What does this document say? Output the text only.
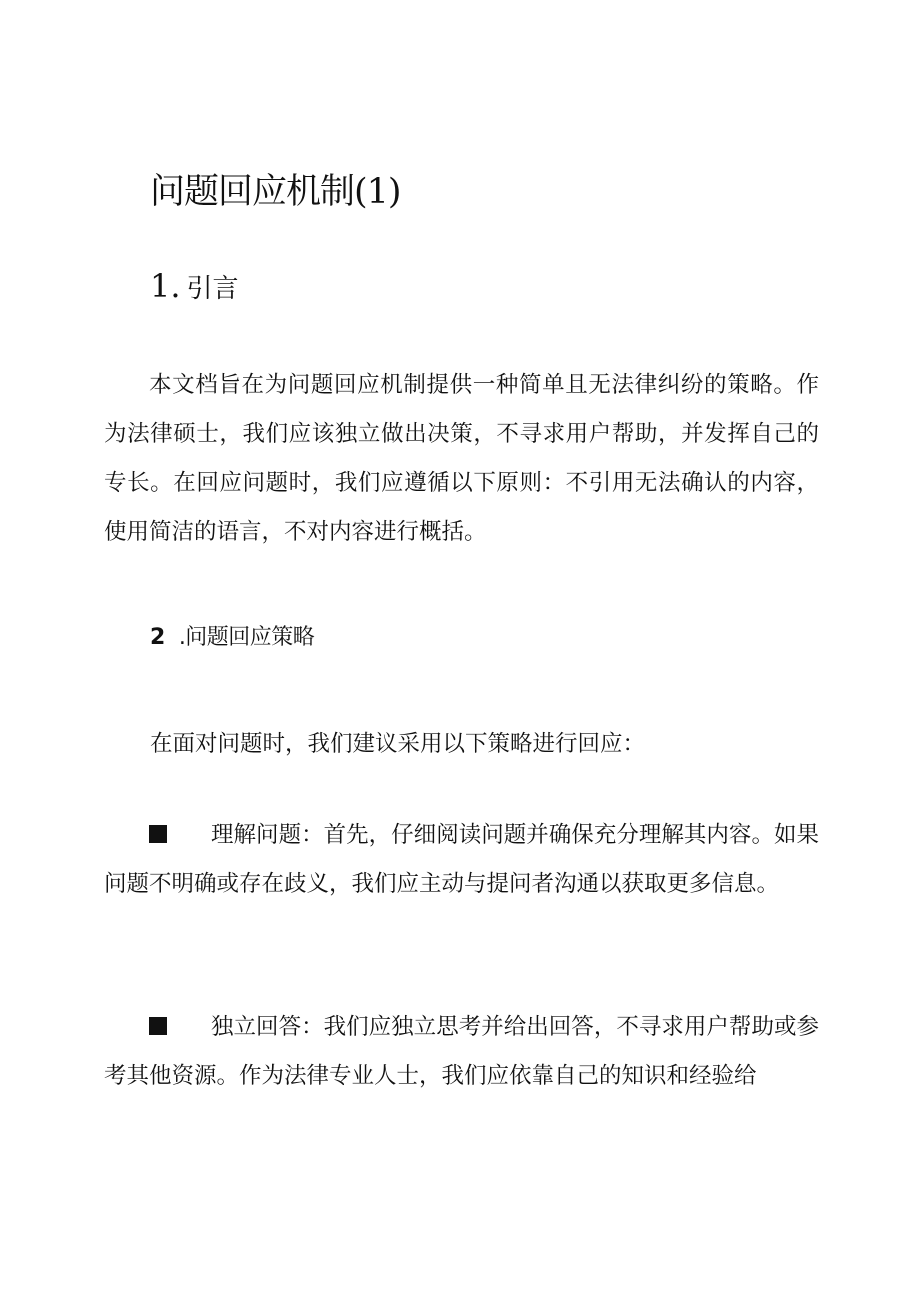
问题回应机制(1)
1. 引言

本文档旨在为问题回应机制提供一种简单且无法律纠纷的策略。作为法律硕士，我们应该独立做出决策，不寻求用户帮助，并发挥自己的专长。在回应问题时，我们应遵循以下原则：不引用无法确认的内容，使用简洁的语言，不对内容进行概括。

2 .问题回应策略
在面对问题时，我们建议采用以下策略进行回应：

理解问题：首先，仔细阅读问题并确保充分理解其内容。如果问题不明确或存在歧义，我们应主动与提问者沟通以获取更多信息。

独立回答：我们应独立思考并给出回答，不寻求用户帮助或参考其他资源。作为法律专业人士，我们应依靠自己的知识和经验给
